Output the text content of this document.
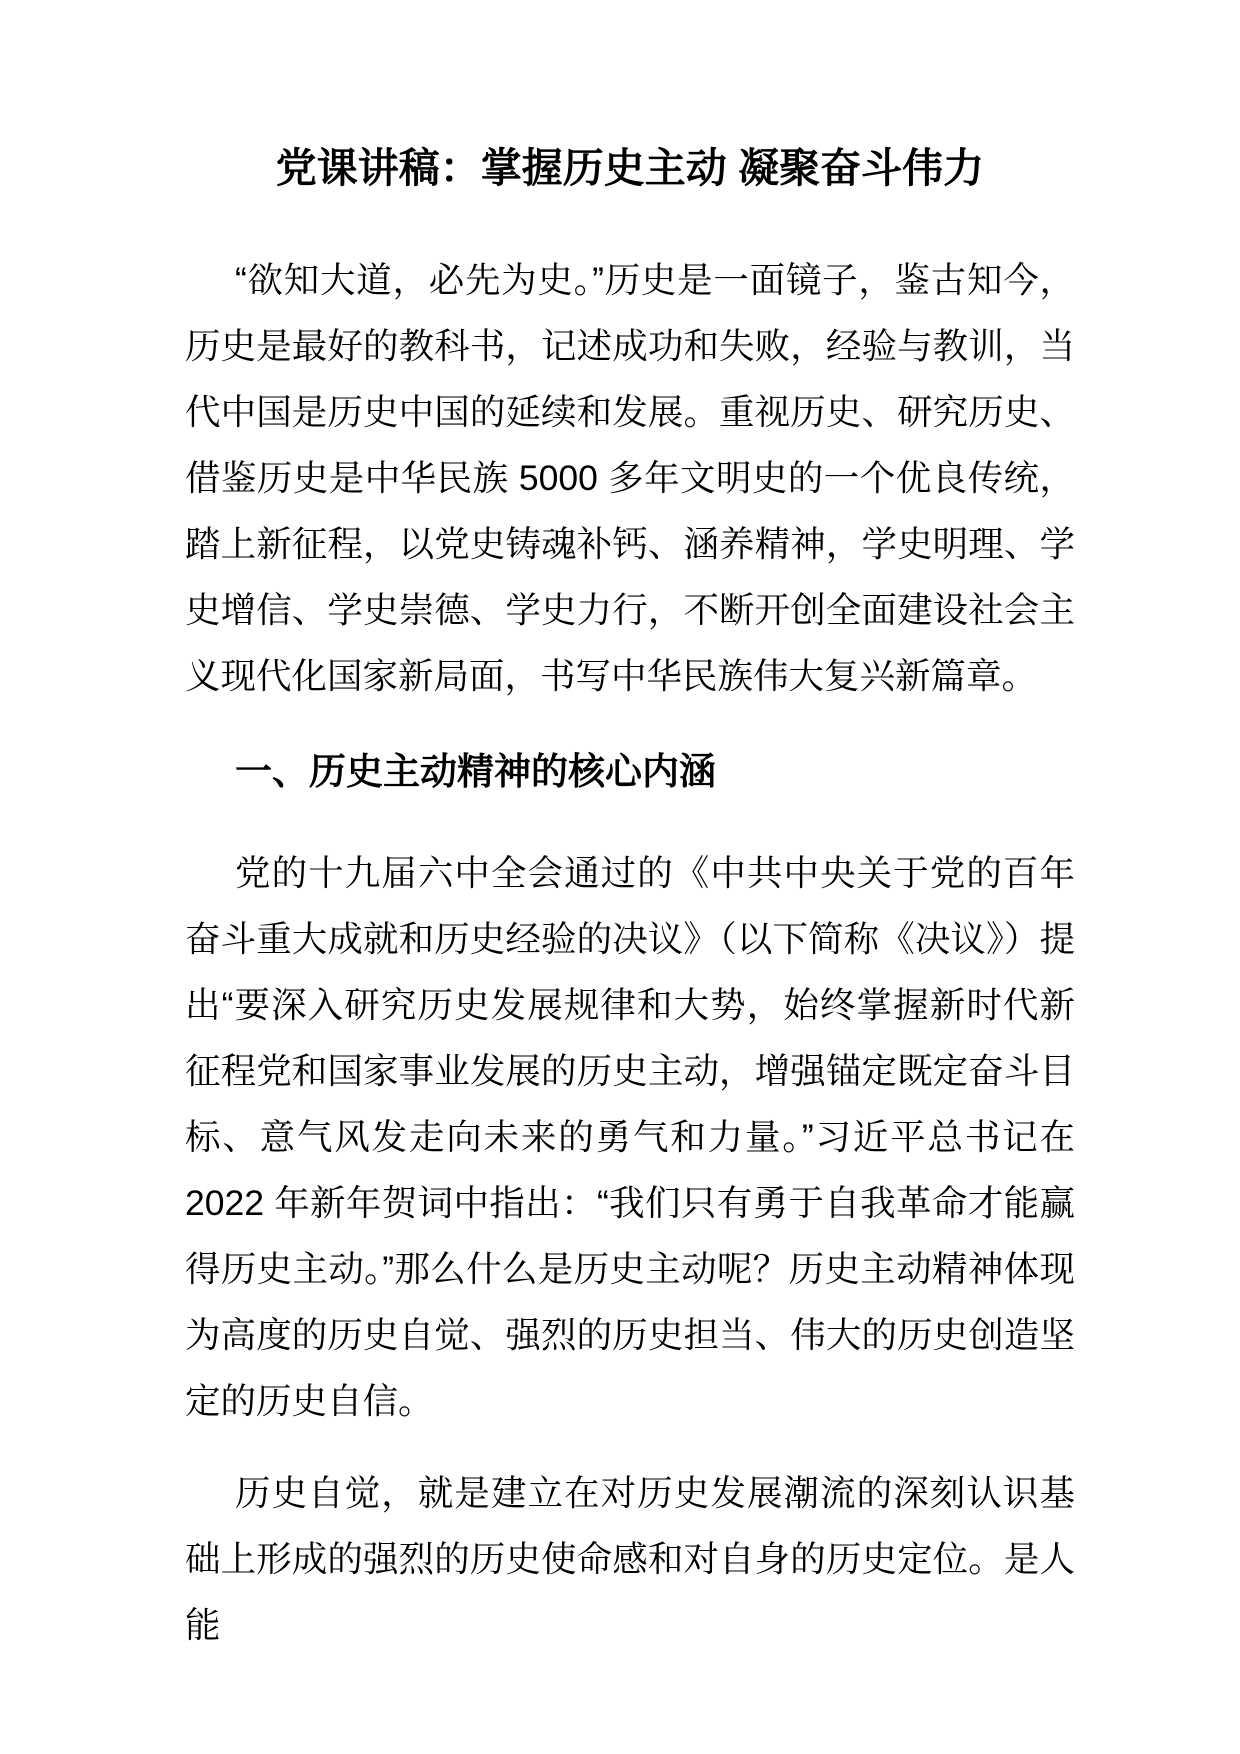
党课讲稿：掌握历史主动 凝聚奋斗伟力

“欲知大道，必先为史。”历史是一面镜子，鉴古知今，历史是最好的教科书，记述成功和失败，经验与教训，当代中国是历史中国的延续和发展。重视历史、研究历史、借鉴历史是中华民族 5000 多年文明史的一个优良传统，踏上新征程，以党史铸魂补钙、涵养精神，学史明理、学史增信、学史崇德、学史力行，不断开创全面建设社会主义现代化国家新局面，书写中华民族伟大复兴新篇章。

一、历史主动精神的核心内涵

党的十九届六中全会通过的《中共中央关于党的百年奋斗重大成就和历史经验的决议》（以下简称《决议》）提出“要深入研究历史发展规律和大势，始终掌握新时代新征程党和国家事业发展的历史主动，增强锚定既定奋斗目标、意气风发走向未来的勇气和力量。”习近平总书记在 2022 年新年贺词中指出：“我们只有勇于自我革命才能赢得历史主动。”那么什么是历史主动呢？历史主动精神体现为高度的历史自觉、强烈的历史担当、伟大的历史创造坚定的历史自信。

历史自觉，就是建立在对历史发展潮流的深刻认识基础上形成的强烈的历史使命感和对自身的历史定位。是人能
